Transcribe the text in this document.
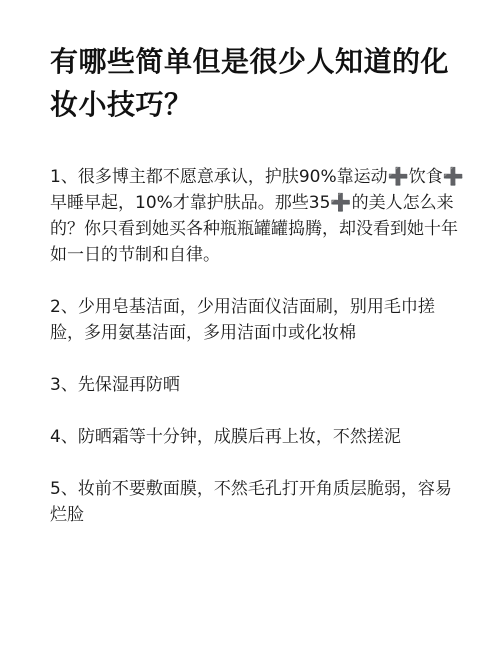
有哪些简单但是很少人知道的化妆小技巧？
1、很多博主都不愿意承认，护肤90%靠运动➕饮食➕早睡早起，10%才靠护肤品。那些35➕的美人怎么来的？你只看到她买各种瓶瓶罐罐捣腾，却没看到她十年如一日的节制和自律。
2、少用皂基洁面，少用洁面仪洁面刷，别用毛巾搓脸，多用氨基洁面，多用洁面巾或化妆棉
3、先保湿再防晒
4、防晒霜等十分钟，成膜后再上妆，不然搓泥
5、妆前不要敷面膜，不然毛孔打开角质层脆弱，容易烂脸
